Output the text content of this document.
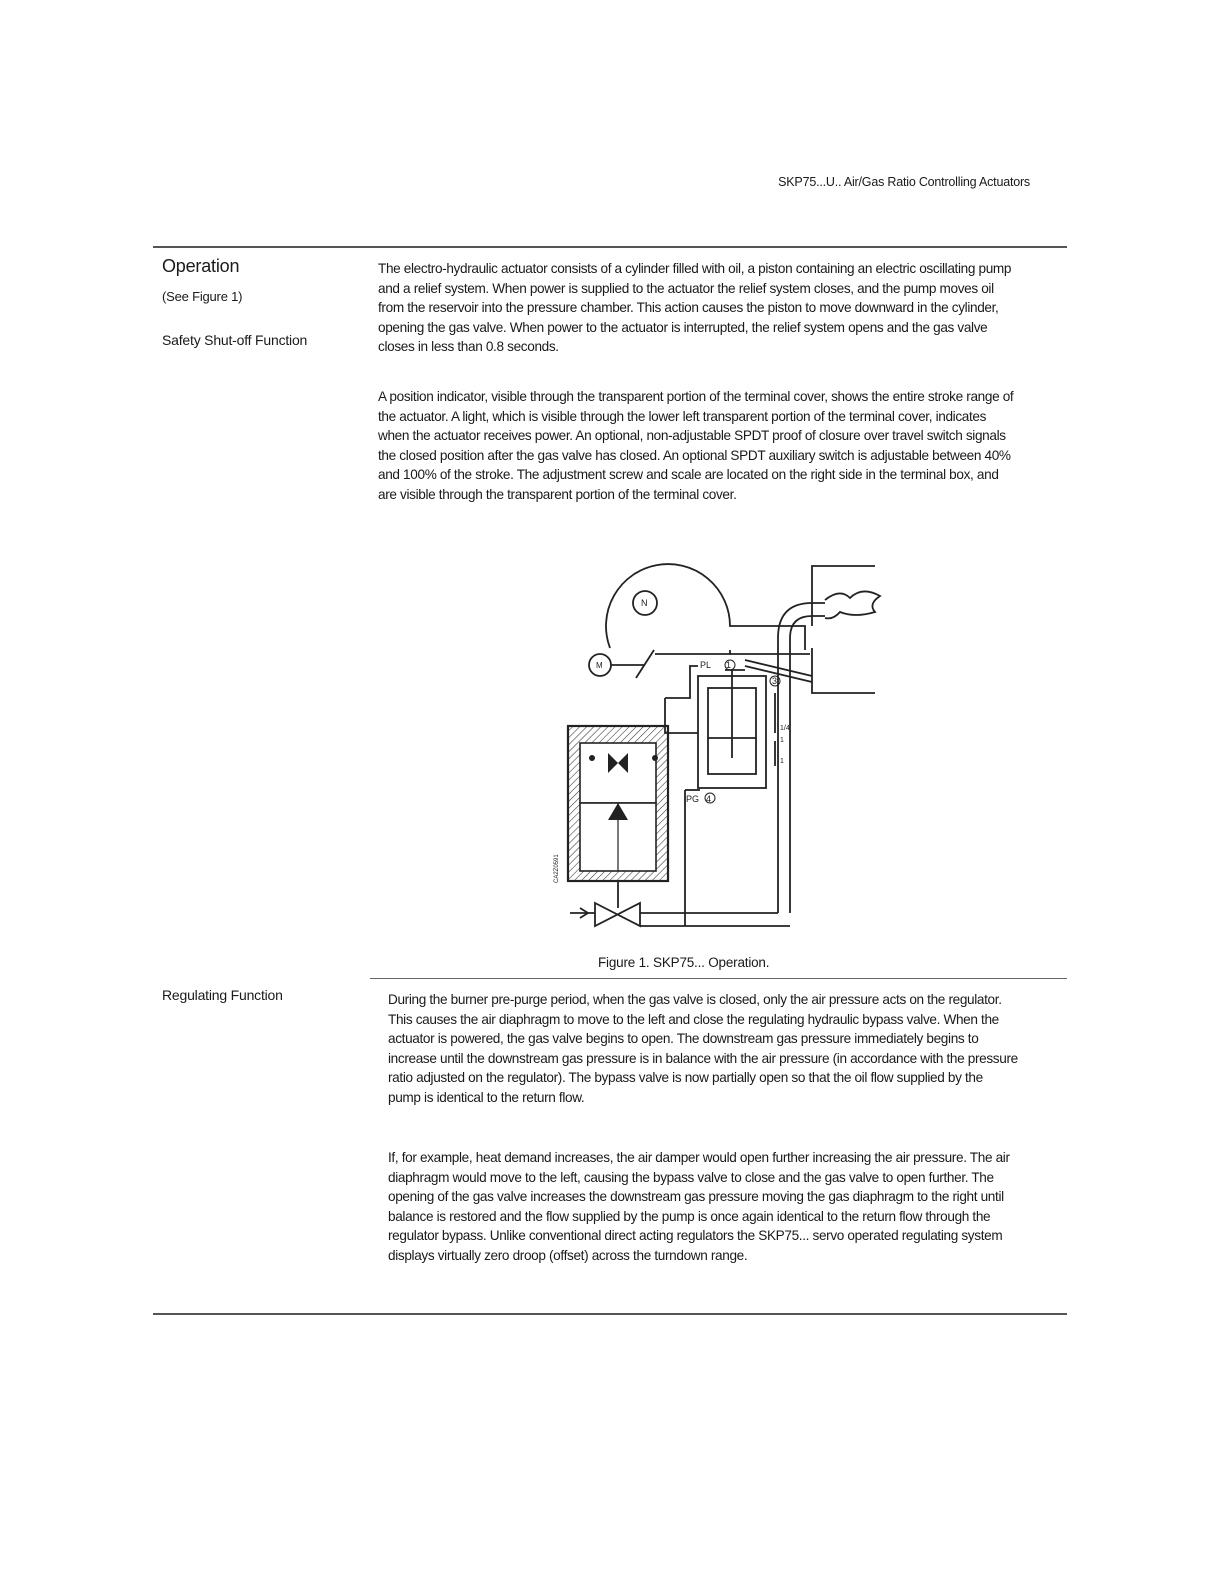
SKP75...U.. Air/Gas Ratio Controlling Actuators
Operation
(See Figure 1)
Safety Shut-off Function

The electro-hydraulic actuator consists of a cylinder filled with oil, a piston containing an electric oscillating pump and a relief system. When power is supplied to the actuator the relief system closes, and the pump moves oil from the reservoir into the pressure chamber. This action causes the piston to move downward in the cylinder, opening the gas valve. When power to the actuator is interrupted, the relief system opens and the gas valve closes in less than 0.8 seconds.

A position indicator, visible through the transparent portion of the terminal cover, shows the entire stroke range of the actuator. A light, which is visible through the lower left transparent portion of the terminal cover, indicates when the actuator receives power. An optional, non-adjustable SPDT proof of closure over travel switch signals the closed position after the gas valve has closed. An optional SPDT auxiliary switch is adjustable between 40% and 100% of the stroke. The adjustment screw and scale are located on the right side in the terminal box, and are visible through the transparent portion of the terminal cover.

N
M	PL 1
PG 4
3
1/4
1
1
CA2Z0591
Figure 1. SKP75... Operation.
Regulating Function	During the burner pre-purge period, when the gas valve is closed, only the air pressure acts on the regulator. This causes the air diaphragm to move to the left and close the regulating hydraulic bypass valve. When the actuator is powered, the gas valve begins to open. The downstream gas pressure immediately begins to increase until the downstream gas pressure is in balance with the air pressure (in accordance with the pressure ratio adjusted on the regulator). The bypass valve is now partially open so that the oil flow supplied by the pump is identical to the return flow.

If, for example, heat demand increases, the air damper would open further increasing the air pressure. The air diaphragm would move to the left, causing the bypass valve to close and the gas valve to open further. The opening of the gas valve increases the downstream gas pressure moving the gas diaphragm to the right until balance is restored and the flow supplied by the pump is once again identical to the return flow through the regulator bypass. Unlike conventional direct acting regulators the SKP75... servo operated regulating system displays virtually zero droop (offset) across the turndown range.
